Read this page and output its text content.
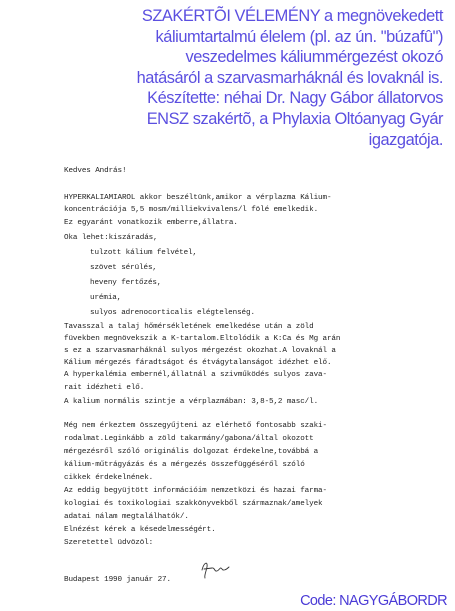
SZAKÉRTÕI VÉLEMÉNY a megnövekedett
káliumtartalmú élelem (pl. az ún. "búzafû")
veszedelmes káliummérgezést okozó
hatásáról a szarvasmarháknál és lovaknál is.
Készítette: néhai Dr. Nagy Gábor állatorvos
ENSZ szakértõ, a Phylaxia Oltóanyag Gyár
igazgatója.
Kedves András!
HYPERKALIAMIAROL akkor beszéltünk,amikor a vérplazma Kálium-
koncentrációja 5,5 mosm/milliekvivalens/l fölé emelkedik.
Ez egyaránt vonatkozik emberre,állatra.
Oka lehet:kiszáradás,
tulzott kálium felvétel,
szövet sérülés,
heveny fertőzés,
urémia,
sulyos adrenocorticalis elégtelenség.
Tavasszal a talaj hőmérsékletének emelkedése után a zöld
füvekben megnövekszik a K-tartalom.Eltolódik a K:Ca és Mg arán
s ez a szarvasmarháknál sulyos mérgezést okozhat.A lovaknál a
Kálium mérgezés fáradtságot és étvágytalanságot idézhet elő.
A hyperkalémia embernél,állatnál a szivműködés sulyos zava-
rait idézheti elő.
A kalium normális szintje a vérplazmában: 3,8-5,2 masc/l.
Még nem érkeztem összegyűjteni az elérhető fontosabb szaki-
rodalmat.Leginkább a zöld takarmány/gabona/által okozott
mérgezésről szóló originális dolgozat érdekelne,továbbá a
kálium-műtrágyázás és a mérgezés összefüggéséről szóló
cikkek érdekelnének.
Az eddig begyüjtött információim nemzetközi és hazai farma-
kologiai és toxikologiai szakkönyvekből származnak/amelyek
adatai nálam megtalálhatók/.
Elnézést kérek a késedelmességért.
Szeretettel üdvözöl:
Budapest 1990 január 27.
Code: NAGYGÁBORDR
